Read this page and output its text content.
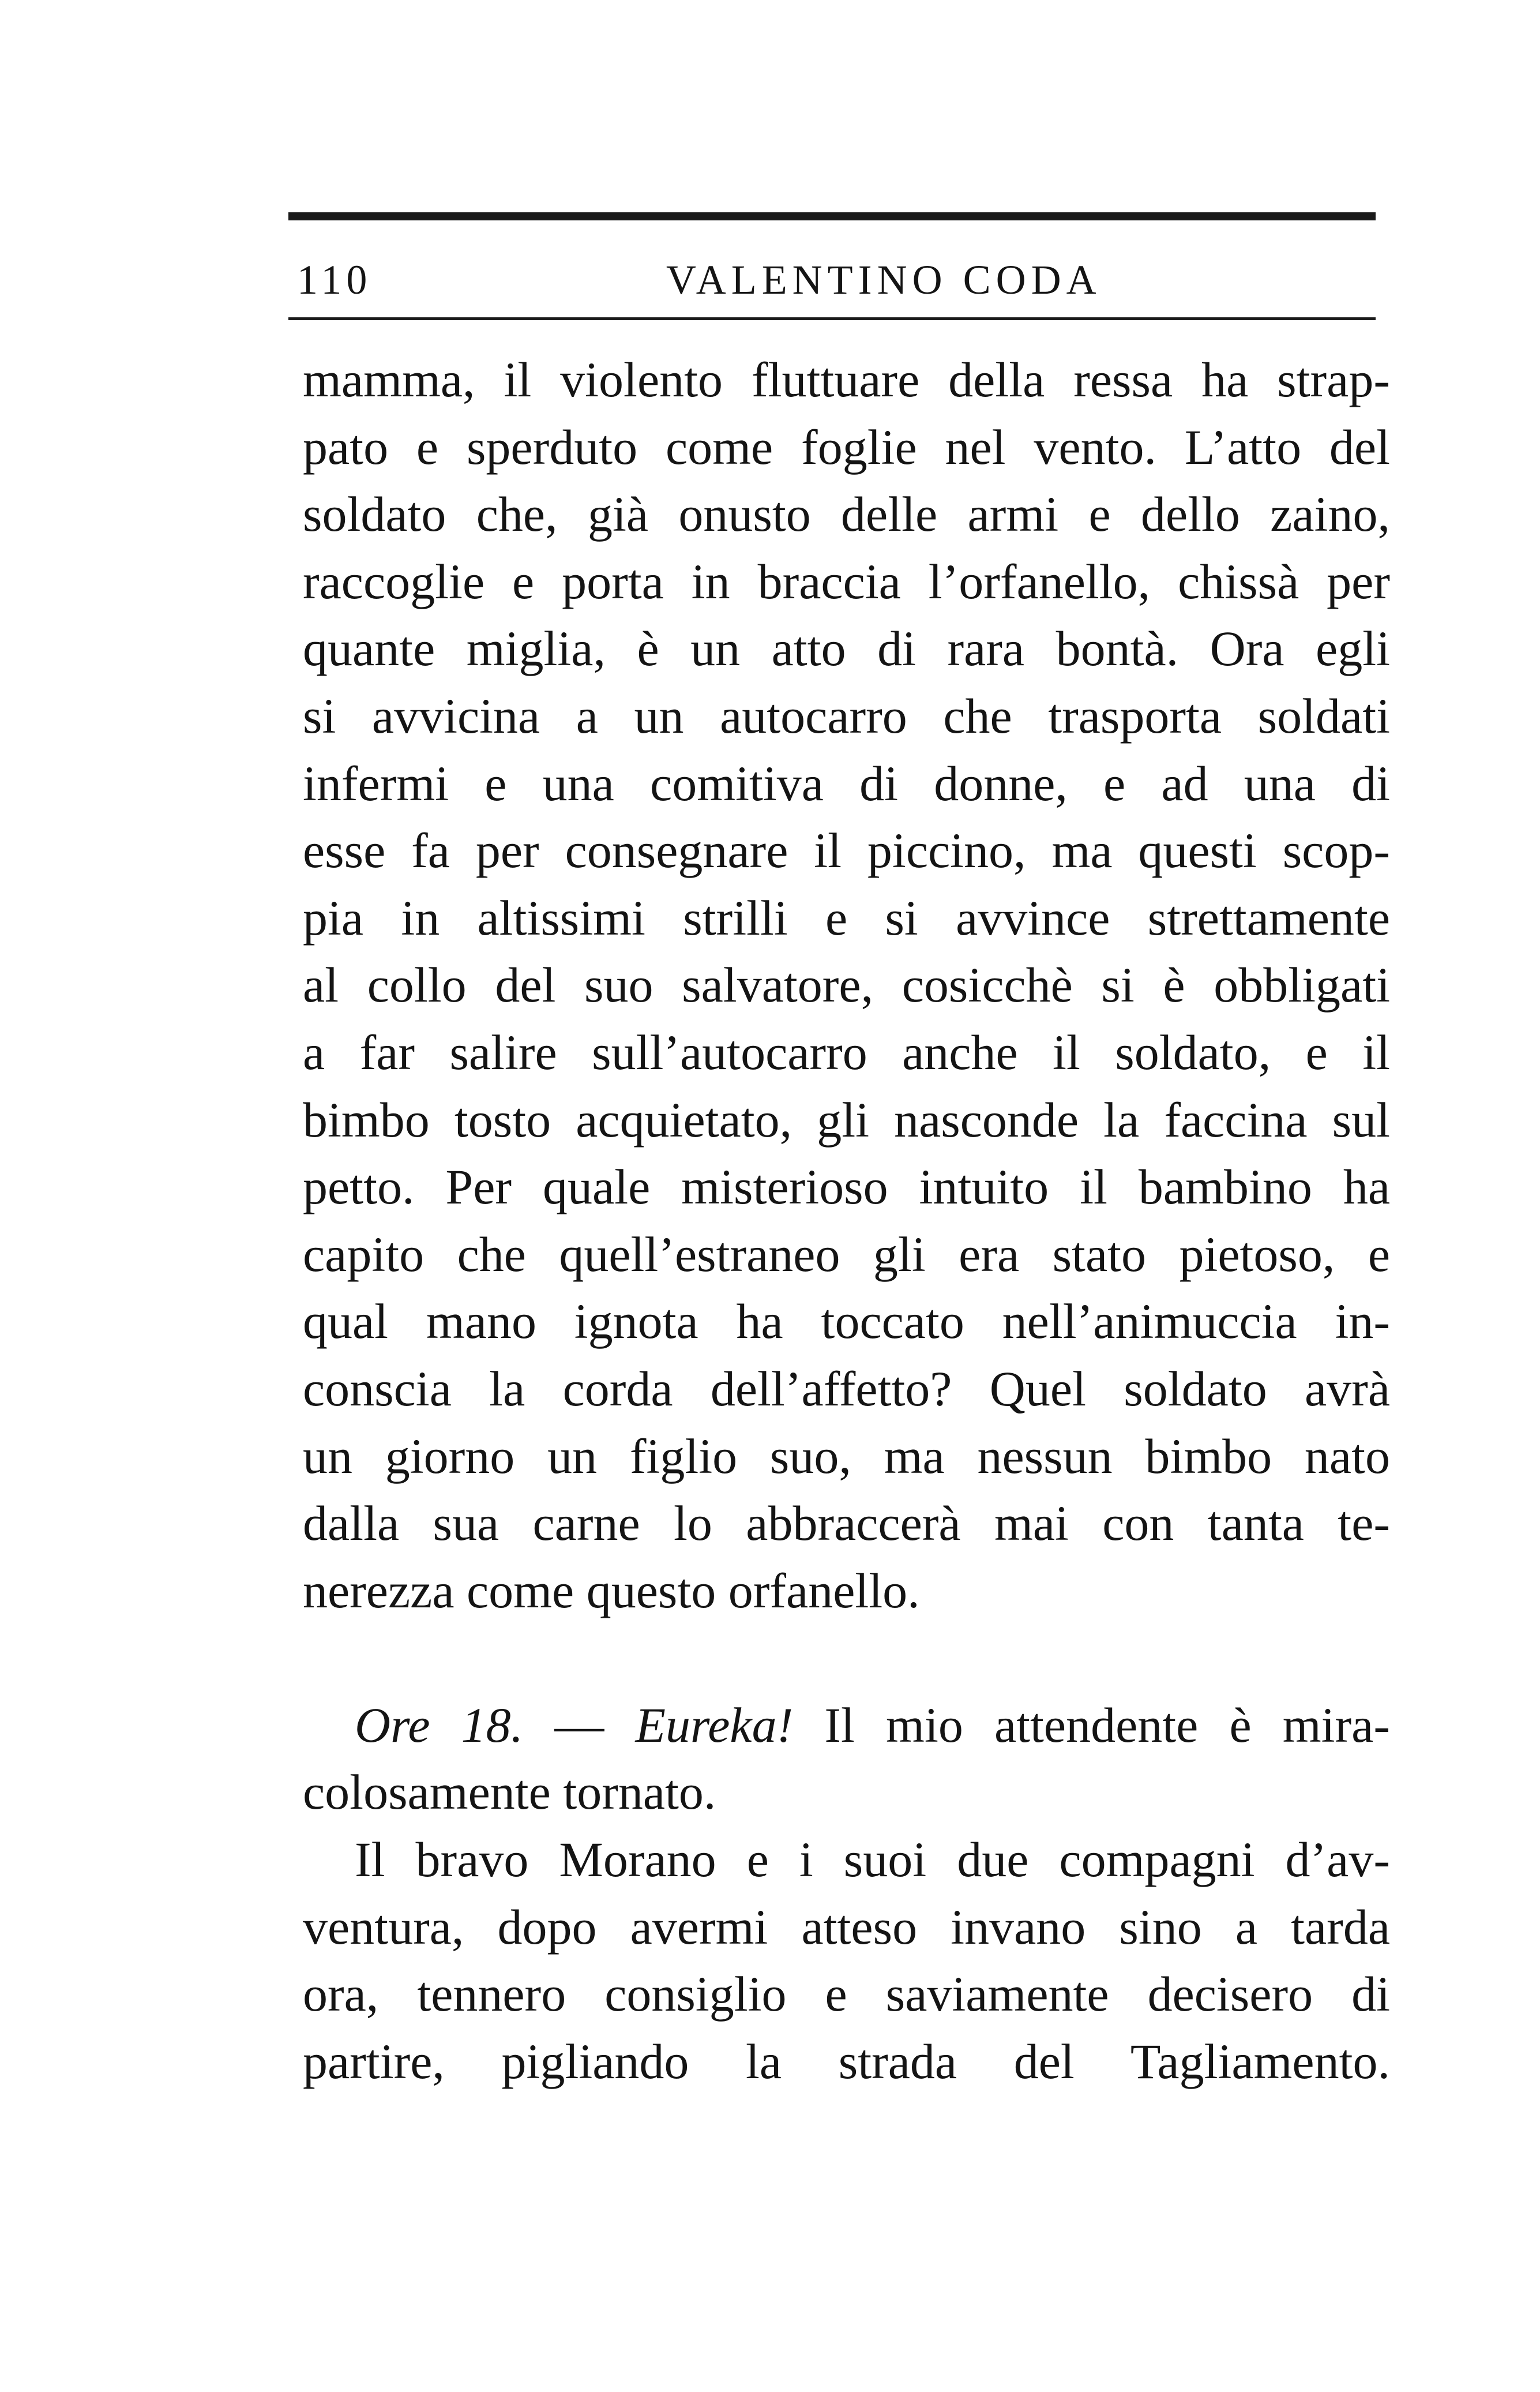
110	VALENTINO CODA
mamma, il violento fluttuare della ressa ha strap-
pato e sperduto come foglie nel vento. L’atto del
soldato che, già onusto delle armi e dello zaino,
raccoglie e porta in braccia l’orfanello, chissà per
quante miglia, è un atto di rara bontà. Ora egli
si avvicina a un autocarro che trasporta soldati
infermi e una comitiva di donne, e ad una di
esse fa per consegnare il piccino, ma questi scop-
pia in altissimi strilli e si avvince strettamente
al collo del suo salvatore, cosicchè si è obbligati
a far salire sull’autocarro anche il soldato, e il
bimbo tosto acquietato, gli nasconde la faccina sul
petto. Per quale misterioso intuito il bambino ha
capito che quell’estraneo gli era stato pietoso, e
qual mano ignota ha toccato nell’animuccia in-
conscia la corda dell’affetto? Quel soldato avrà
un giorno un figlio suo, ma nessun bimbo nato
dalla sua carne lo abbraccerà mai con tanta te-
nerezza come questo orfanello.
Ore 18. — Eureka! Il mio attendente è mira-
colosamente tornato.
Il bravo Morano e i suoi due compagni d’av-
ventura, dopo avermi atteso invano sino a tarda
ora, tennero consiglio e saviamente decisero di
partire, pigliando la strada del Tagliamento.
